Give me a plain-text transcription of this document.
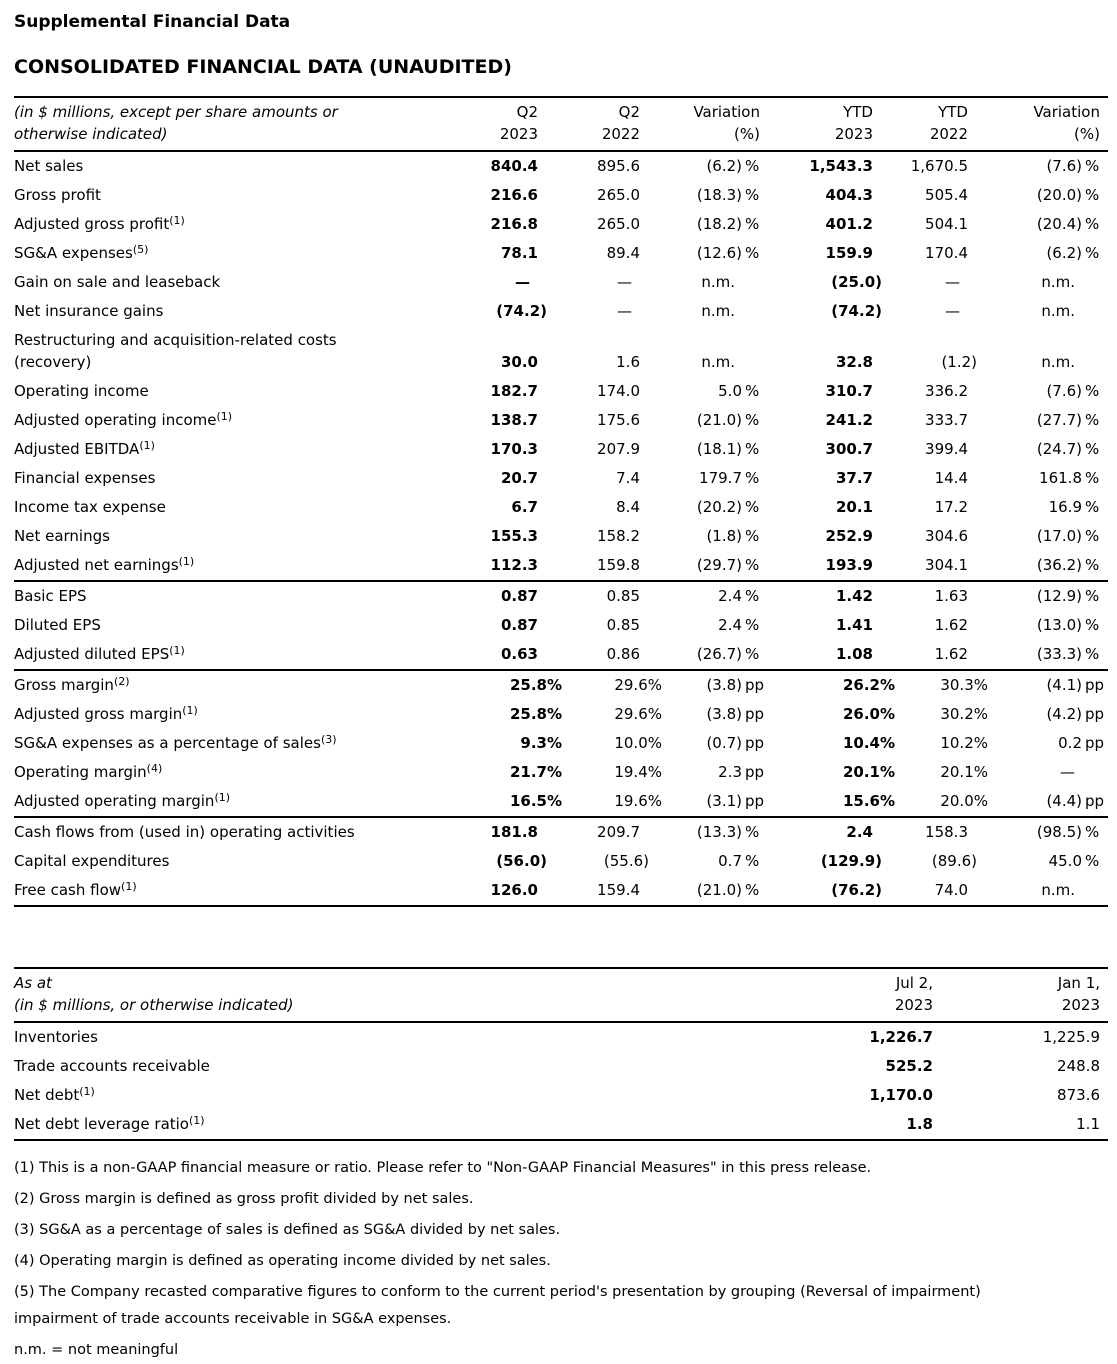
Supplemental Financial Data
CONSOLIDATED FINANCIAL DATA (UNAUDITED)
(in $ millions, except per share amounts or
otherwise indicated)

Q2
2023

Q2
2022

Variation
(%)

YTD
2023

YTD
2022

Variation
(%)

Net sales	840.4	895.6	(6.2) %	1,543.3	1,670.5	(7.6) %

Gross profit	216.6	265.0	(18.3) %	404.3	505.4	(20.0) %

Adjusted gross profit$^{(1)}$	216.8	265.0	(18.2) %	401.2	504.1	(20.4) %

SG&A expenses$^{(5)}$	78.1	89.4	(12.6) %	159.9	170.4	(6.2) %

Gain on sale and leaseback	—	—	n.m.	(25.0)	—	n.m.

Net insurance gains	(74.2)	—	n.m.	(74.2)	—	n.m.

Restructuring and acquisition-related costs
(recovery)	30.0	1.6	n.m.	32.8	(1.2)	n.m.

Operating income	182.7	174.0	5.0 %	310.7	336.2	(7.6) %

Adjusted operating income$^{(1)}$	138.7	175.6	(21.0) %	241.2	333.7	(27.7) %

Adjusted EBITDA$^{(1)}$	170.3	207.9	(18.1) %	300.7	399.4	(24.7) %

Financial expenses	20.7	7.4	179.7 %	37.7	14.4	161.8 %

Income tax expense	6.7	8.4	(20.2) %	20.1	17.2	16.9 %

Net earnings	155.3	158.2	(1.8) %	252.9	304.6	(17.0) %

Adjusted net earnings$^{(1)}$	112.3	159.8	(29.7) %	193.9	304.1	(36.2) %

Basic EPS	0.87	0.85	2.4 %	1.42	1.63	(12.9) %

Diluted EPS	0.87	0.85	2.4 %	1.41	1.62	(13.0) %

Adjusted diluted EPS$^{(1)}$	0.63	0.86	(26.7) %	1.08	1.62	(33.3) %

Gross margin$^{(2)}$	25.8%	29.6%	(3.8) pp	26.2%	30.3%	(4.1) pp

Adjusted gross margin$^{(1)}$	25.8%	29.6%	(3.8) pp	26.0%	30.2%	(4.2) pp

SG&A expenses as a percentage of sales$^{(3)}$	9.3%	10.0%	(0.7) pp	10.4%	10.2%	0.2 pp

Operating margin$^{(4)}$	21.7%	19.4%	2.3 pp	20.1%	20.1%	—

Adjusted operating margin$^{(1)}$	16.5%	19.6%	(3.1) pp	15.6%	20.0%	(4.4) pp

Cash flows from (used in) operating activities	181.8	209.7	(13.3) %	2.4	158.3	(98.5) %

Capital expenditures	(56.0)	(55.6)	0.7 %	(129.9)	(89.6)	45.0 %

Free cash flow$^{(1)}$	126.0	159.4	(21.0) %	(76.2)	74.0	n.m.
As at
(in $ millions, or otherwise indicated)

Jul 2,
2023

Jan 1,
2023

Inventories	1,226.7	1,225.9

Trade accounts receivable	525.2	248.8

Net debt$^{(1)}$	1,170.0	873.6

Net debt leverage ratio$^{(1)}$	1.8	1.1

(1) This is a non-GAAP financial measure or ratio. Please refer to "Non-GAAP Financial Measures" in this press release.

(2) Gross margin is defined as gross profit divided by net sales.

(3) SG&A as a percentage of sales is defined as SG&A divided by net sales.

(4) Operating margin is defined as operating income divided by net sales.

(5) The Company recasted comparative figures to conform to the current period's presentation by grouping (Reversal of impairment) impairment of trade accounts receivable in SG&A expenses.

n.m. = not meaningful
